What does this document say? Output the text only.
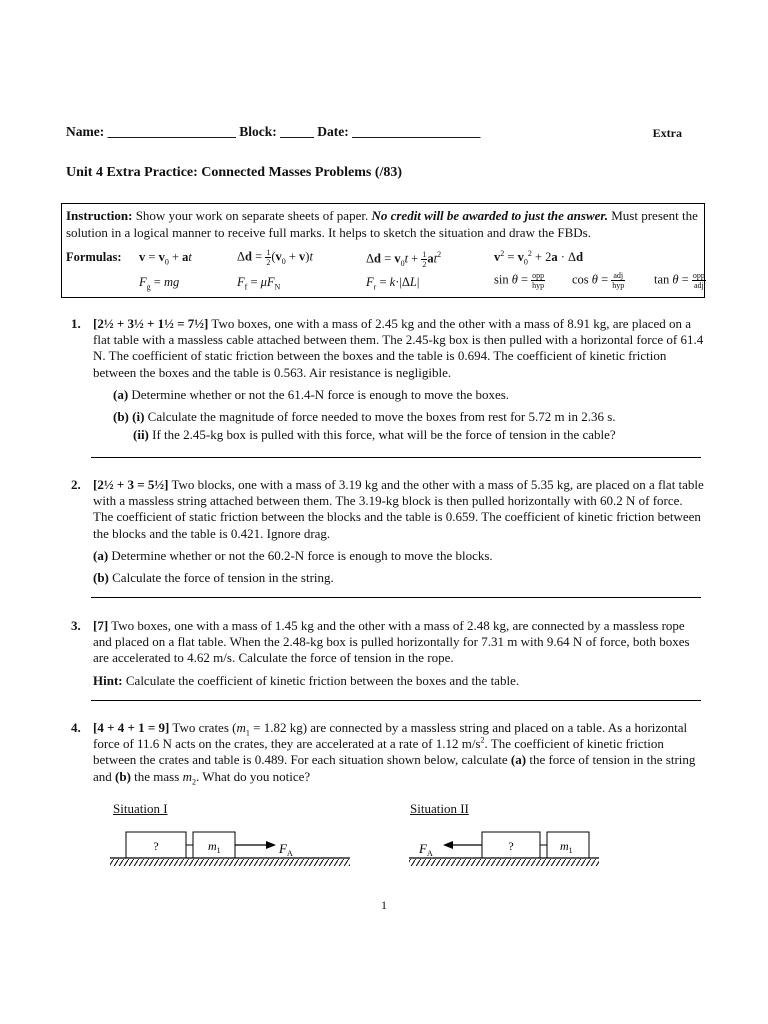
Name: ___________________ Block: _____ Date: ___________________	Extra
Unit 4 Extra Practice: Connected Masses Problems (/83)
Instruction: Show your work on separate sheets of paper. No credit will be awarded to just the answer. Must present the solution in a logical manner to receive full marks. It helps to sketch the situation and draw the FBDs.
Formulas: $v = v_0$ + at	$\Delta d = \frac{1}{2} (v_0 + v)t$	$\Delta d = v_0t + \frac{1}{2} at^2$	$v^2 = v_0^2 + 2a \cdot \Delta d$
$F_g$ = mg	$F_f = \mu F_N$	$F_r = k\cdot|\Delta L|$	$\sin \theta = \frac{\text{opp}}{\text{hyp}}$ $\cos \theta = \frac{\text{adj}}{\text{hyp}}$ $\tan \theta = \frac{\text{opp}}{\text{adj}}$
1. [2½ + 3½ + 1½ = 7½] Two boxes, one with a mass of 2.45 kg and the other with a mass of 8.91 kg, are placed on a flat table with a massless cable attached between them. The 2.45-kg box is then pulled with a horizontal force of 61.4 N. The coefficient of static friction between the boxes and the table is 0.694. The coefficient of kinetic friction between the boxes and the table is 0.563. Air resistance is negligible.
(a) Determine whether or not the 61.4-N force is enough to move the boxes.
(b) (i) Calculate the magnitude of force needed to move the boxes from rest for 5.72 m in 2.36 s.
(ii) If the 2.45-kg box is pulled with this force, what will be the force of tension in the cable?
2. [2½ + 3 = 5½] Two blocks, one with a mass of 3.19 kg and the other with a mass of 5.35 kg, are placed on a flat table with a massless string attached between them. The 3.19-kg block is then pulled horizontally with 60.2 N of force. The coefficient of static friction between the blocks and the table is 0.659. The coefficient of kinetic friction between the blocks and the table is 0.421. Ignore drag.
(a) Determine whether or not the 60.2-N force is enough to move the blocks.
(b) Calculate the force of tension in the string.
3. [7] Two boxes, one with a mass of 1.45 kg and the other with a mass of 2.48 kg, are connected by a massless rope and placed on a flat table. When the 2.48-kg box is pulled horizontally for 7.31 m with 9.64 N of force, both boxes are accelerated to 4.62 m/s. Calculate the force of tension in the rope.
Hint: Calculate the coefficient of kinetic friction between the boxes and the table.
4. [4 + 4 + 1 = 9] Two crates ($m_1 = 1.82$ kg) are connected by a massless string and placed on a table. As a horizontal force of 11.6 N acts on the crates, they are accelerated at a rate of 1.12 $m/s^2$. The coefficient of kinetic friction between the crates and table is 0.489. For each situation shown below, calculate (a) the force of tension in the string and (b) the mass $m_2$. What do you notice?
Situation I	Situation II
?	$m_1$	$F_A$	$F_A$
?	$m_1$
1
